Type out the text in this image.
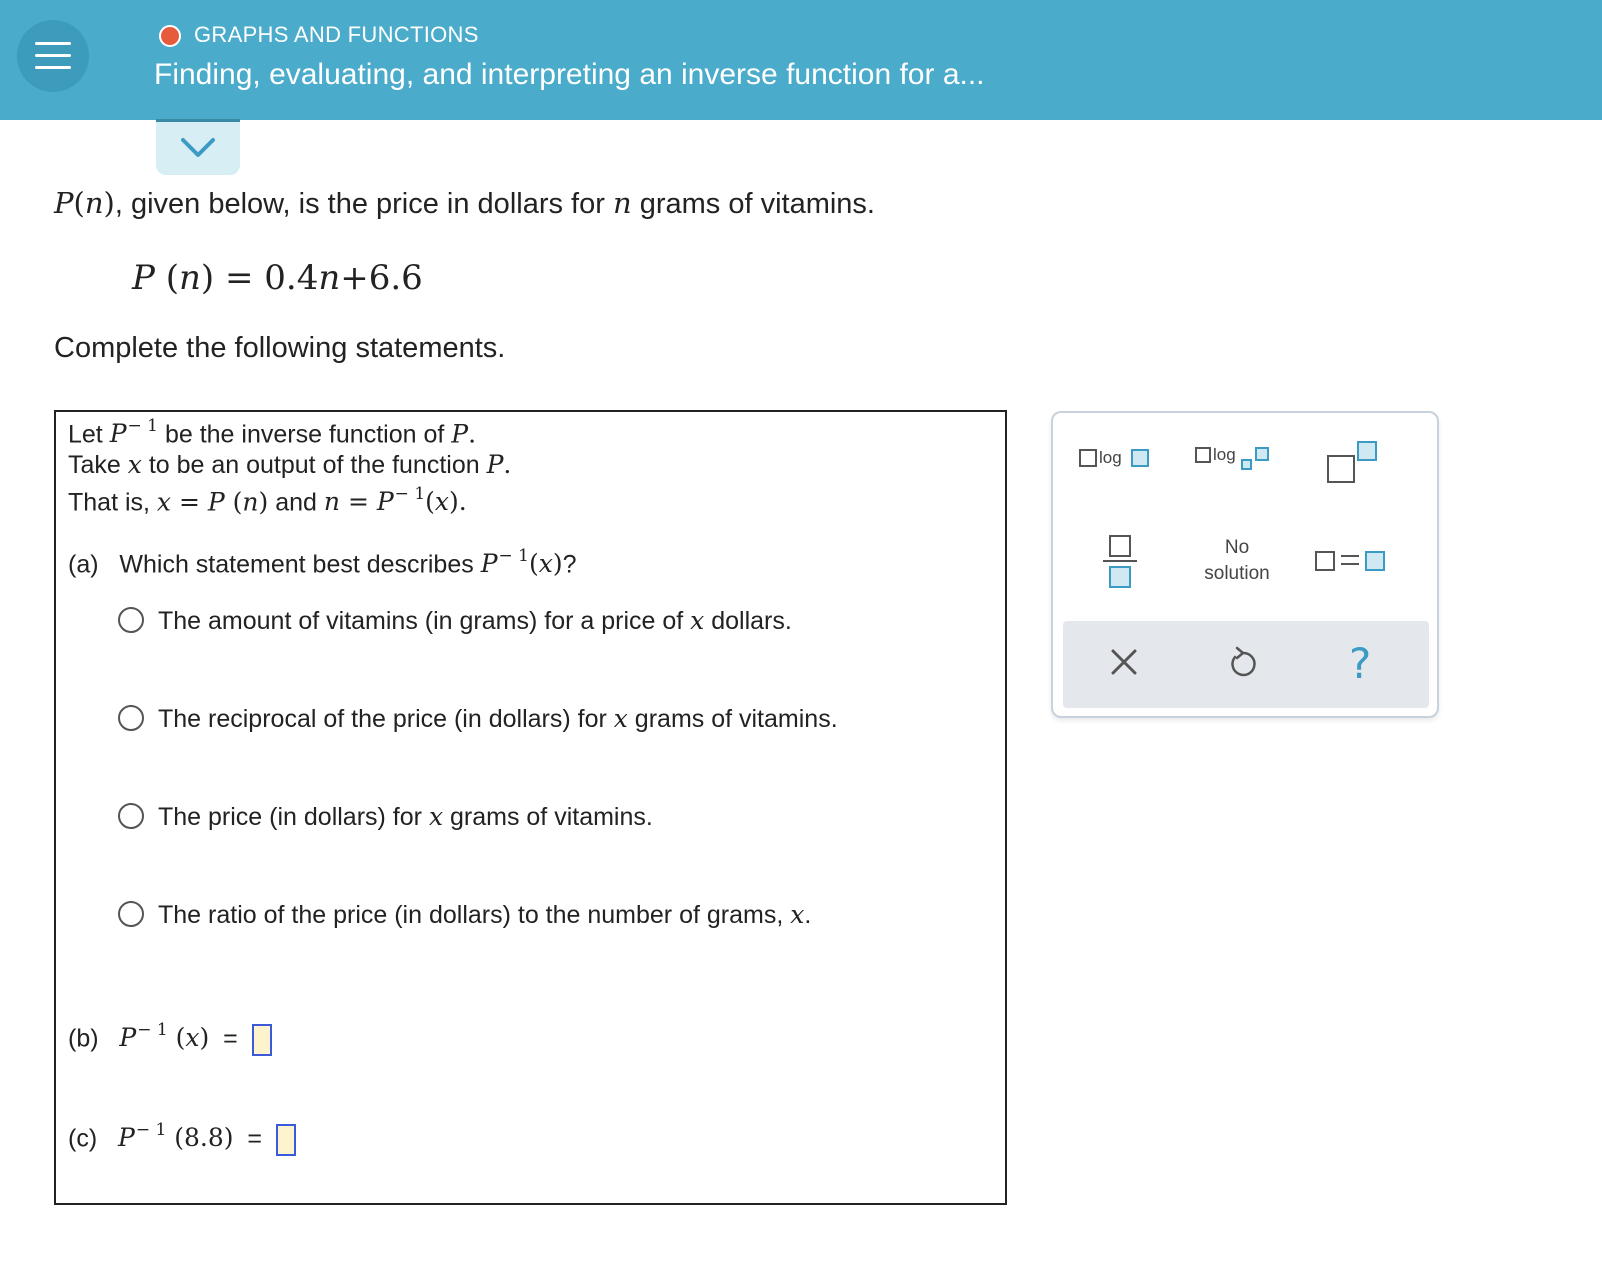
GRAPHS AND FUNCTIONS
Finding, evaluating, and interpreting an inverse function for a...
P(n), given below, is the price in dollars for n grams of vitamins.
P (n) = 0.4n+6.6
Complete the following statements.
Let $P^{- 1}$ be the inverse function of P.
Take x to be an output of the function P.
That is, x = P (n) and $n = P^{- 1}(x)$.
(a) Which statement best describes $P^{- 1}(x)$?
The amount of vitamins (in grams) for a price of x dollars.
The reciprocal of the price (in dollars) for x grams of vitamins.
The price (in dollars) for x grams of vitamins.
The ratio of the price (in dollars) to the number of grams, x.
(b) $P^{- 1}$ (x)  =
(c) $P^{- 1}$ (8.8)  =
log	log
No
solution
?
